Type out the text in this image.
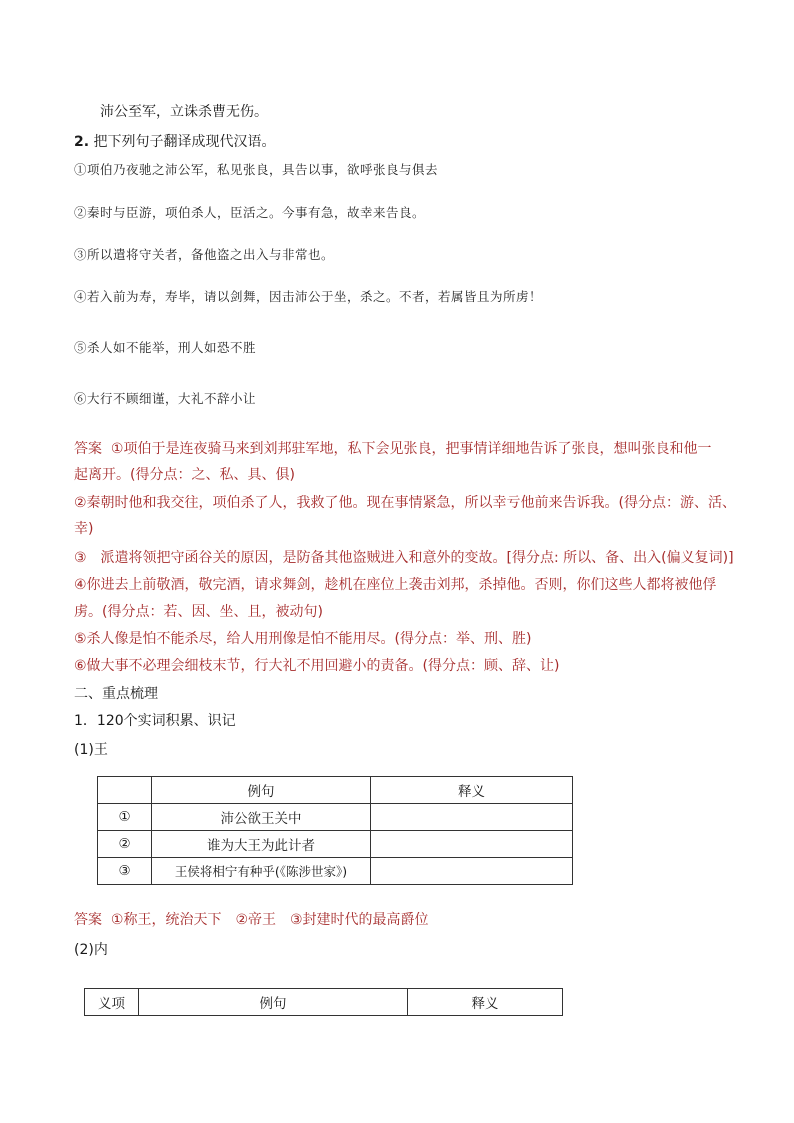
沛公至军，立诛杀曹无伤。
2. 把下列句子翻译成现代汉语。
①项伯乃夜驰之沛公军，私见张良，具告以事，欲呼张良与俱去
②秦时与臣游，项伯杀人，臣活之。今事有急，故幸来告良。
③所以遣将守关者，备他盗之出入与非常也。
④若入前为寿，寿毕，请以剑舞，因击沛公于坐，杀之。不者，若属皆且为所虏！
⑤杀人如不能举，刑人如恐不胜
⑥大行不顾细谨，大礼不辞小让
答案 ①项伯于是连夜骑马来到刘邦驻军地，私下会见张良，把事情详细地告诉了张良，想叫张良和他一
起离开。(得分点：之、私、具、俱)
②秦朝时他和我交往，项伯杀了人，我救了他。现在事情紧急，所以幸亏他前来告诉我。(得分点：游、活、
幸)
③　派遣将领把守函谷关的原因，是防备其他盗贼进入和意外的变故。[得分点: 所以、备、出入(偏义复词)]
④你进去上前敬酒，敬完酒，请求舞剑，趁机在座位上袭击刘邦，杀掉他。否则，你们这些人都将被他俘
虏。(得分点：若、因、坐、且，被动句)
⑤杀人像是怕不能杀尽，给人用刑像是怕不能用尽。(得分点：举、刑、胜)
⑥做大事不必理会细枝末节，行大礼不用回避小的责备。(得分点：顾、辞、让)
二、重点梳理
1．120个实词积累、识记
(1)王
	例句	释义
①	沛公欲王关中	
②	谁为大王为此计者	
③	王侯将相宁有种乎(《陈涉世家》)	
答案 ①称王，统治天下　②帝王　③封建时代的最高爵位
(2)内
义项	例句	释义
